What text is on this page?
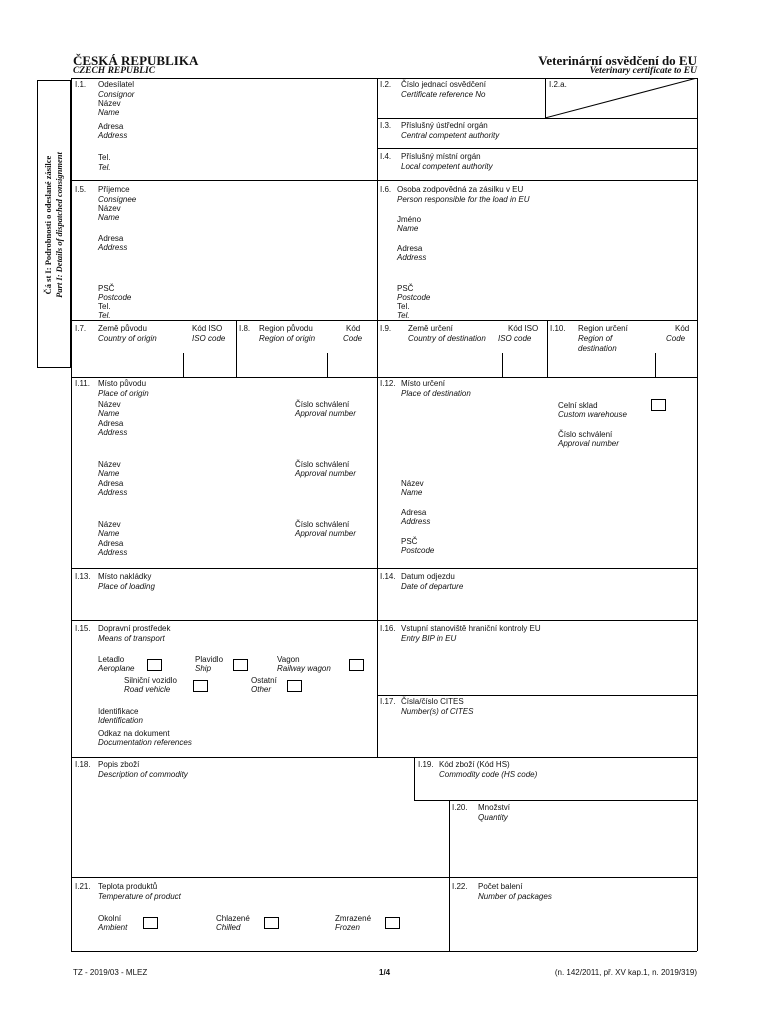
ČESKÁ REPUBLIKA
CZECH REPUBLIC
Veterinární osvědčení do EU
Veterinary certificate to EU
Čá st I: Podrobnosti o odeslané zásilce Part I: Details of dispatched consignment
I.1. Odesílatel
Consignor
Název
Name
Adresa
Address
Tel.
Tel.
I.2. Číslo jednací osvědčení
Certificate reference No
I.2.a.
I.3. Příslušný ústřední orgán
Central competent authority
I.4. Příslušný místní orgán
Local competent authority
I.5. Příjemce
Consignee
Název
Name
Adresa
Address
PSČ
Postcode
Tel.
Tel.
I.6. Osoba zodpovědná za zásilku v EU
Person responsible for the load in EU
Jméno
Name
Adresa
Address
PSČ
Postcode
Tel.
Tel.
I.7. Země původu
Country of origin
Kód ISO
ISO code
I.8. Region původu
Region of origin
Kód
Code
I.9. Země určení
Country of destination
Kód ISO
ISO code
I.10. Region určení
Region of
destination
Kód
Code
I.11. Místo původu
Place of origin
Název
Name
Adresa
Address
Číslo schválení
Approval number
Název
Name
Adresa
Address
Číslo schválení
Approval number
Název
Name
Adresa
Address
Číslo schválení
Approval number
I.12. Místo určení
Place of destination
Celní sklad
Custom warehouse
Číslo schválení
Approval number
Název
Name
Adresa
Address
PSČ
Postcode
I.13. Místo nakládky
Place of loading
I.14. Datum odjezdu
Date of departure
I.15. Dopravní prostředek
Means of transport
Letadlo
Aeroplane
Plavidlo
Ship
Vagon
Railway wagon
Silniční vozidlo
Road vehicle
Ostatní
Other
Identifikace
Identification
Odkaz na dokument
Documentation references
I.16. Vstupní stanoviště hraniční kontroly EU
Entry BIP in EU
I.17. Čísla/číslo CITES
Number(s) of CITES
I.18. Popis zboží
Description of commodity
I.19. Kód zboží (Kód HS)
Commodity code (HS code)
I.20. Množství
Quantity
I.21. Teplota produktů
Temperature of product
Okolní
Ambient
Chlazené
Chilled
Zmrazené
Frozen
I.22. Počet balení
Number of packages
TZ - 2019/03 - MLEZ	1/4	(n. 142/2011, př. XV kap.1, n. 2019/319)
